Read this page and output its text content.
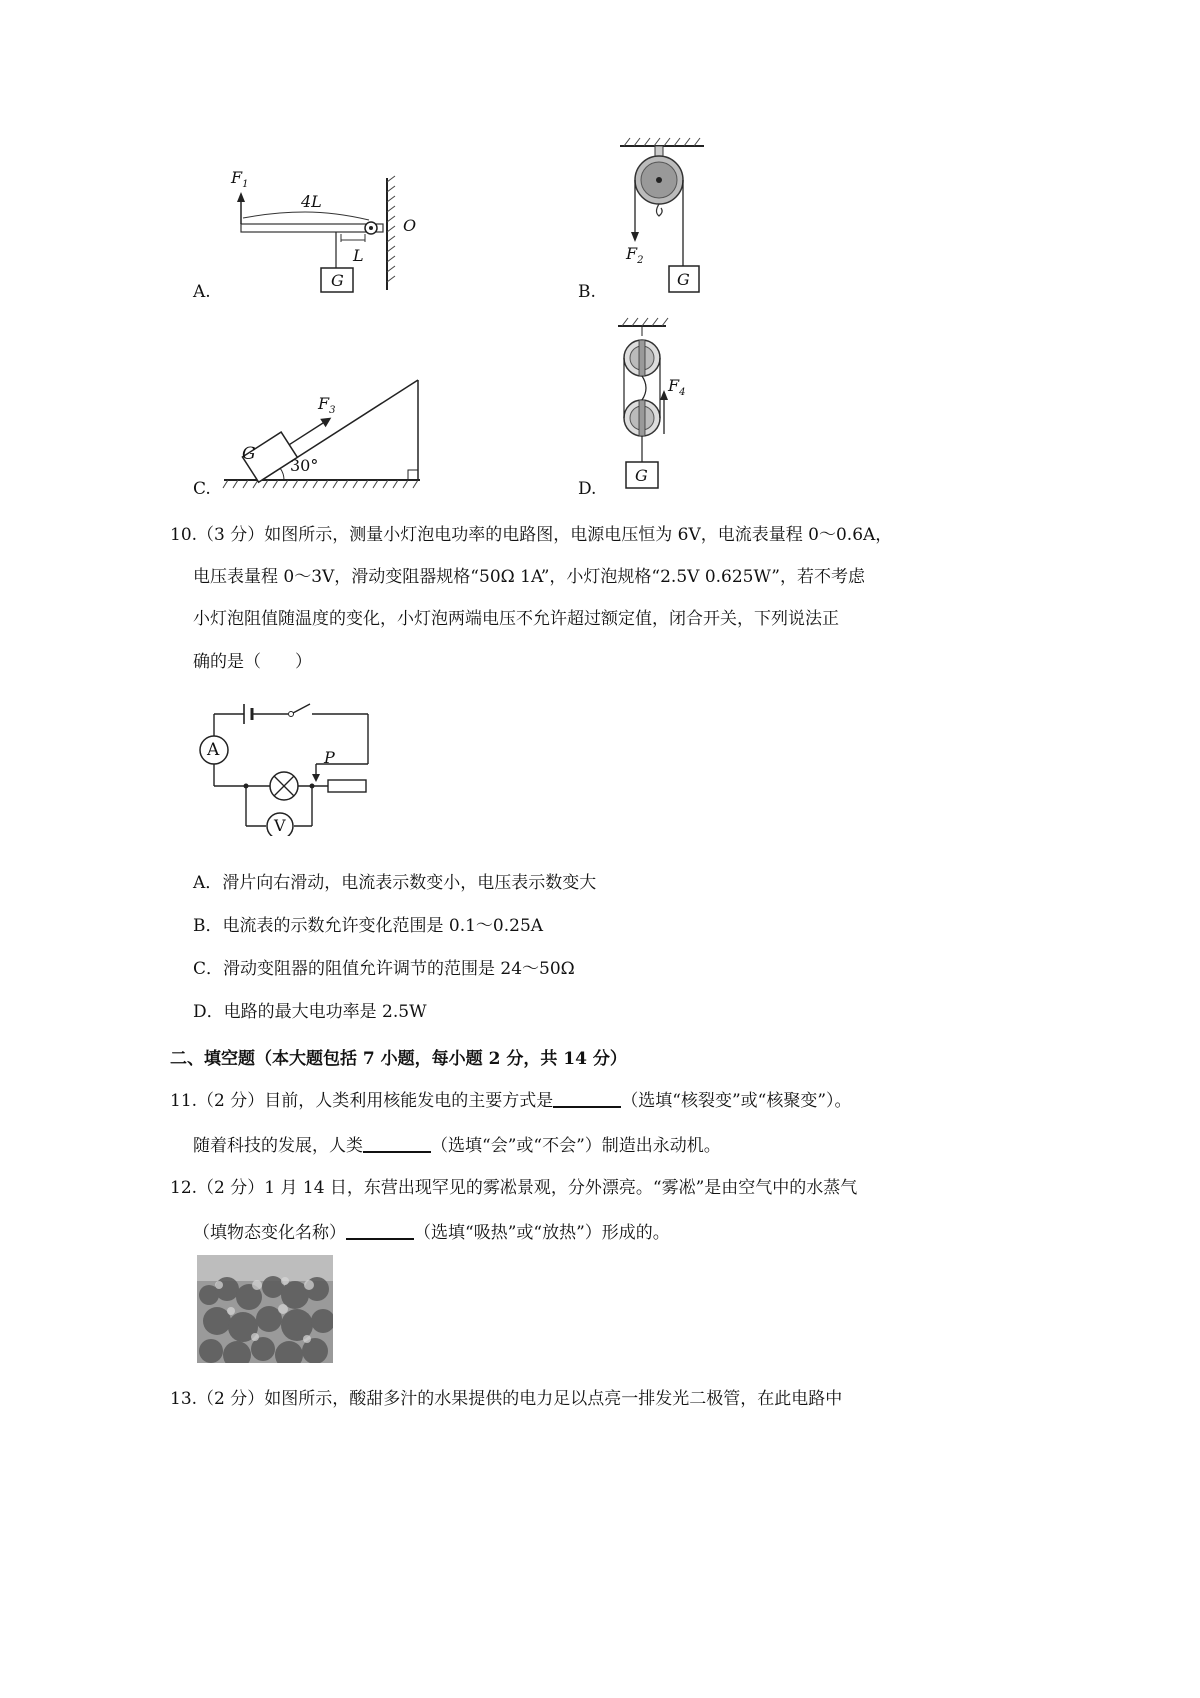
$F_1$
4L
L
O
G
A.
$F_2$
G
B.
$F_3$
G
30°
C.
$F_4$
G
D.
10.（3 分）如图所示，测量小灯泡电功率的电路图，电源电压恒为 6V，电流表量程 0～0.6A，
电压表量程 0～3V，滑动变阻器规格“50Ω 1A”，小灯泡规格“2.5V 0.625W”，若不考虑
小灯泡阻值随温度的变化，小灯泡两端电压不允许超过额定值，闭合开关，下列说法正
确的是（　　）
A
V
P
A．滑片向右滑动，电流表示数变小，电压表示数变大
B．电流表的示数允许变化范围是 0.1～0.25A
C．滑动变阻器的阻值允许调节的范围是 24～50Ω
D．电路的最大电功率是 2.5W
二、填空题（本大题包括 7 小题，每小题 2 分，共 14 分）
11.（2 分）目前，人类利用核能发电的主要方式是	（选填“核裂变”或“核聚变”）。
随着科技的发展，人类	（选填“会”或“不会”）制造出永动机。
12.（2 分）1 月 14 日，东营出现罕见的雾凇景观，分外漂亮。“雾凇”是由空气中的水蒸气
（填物态变化名称）	（选填“吸热”或“放热”）形成的。
13.（2 分）如图所示，酸甜多汁的水果提供的电力足以点亮一排发光二极管，在此电路中
